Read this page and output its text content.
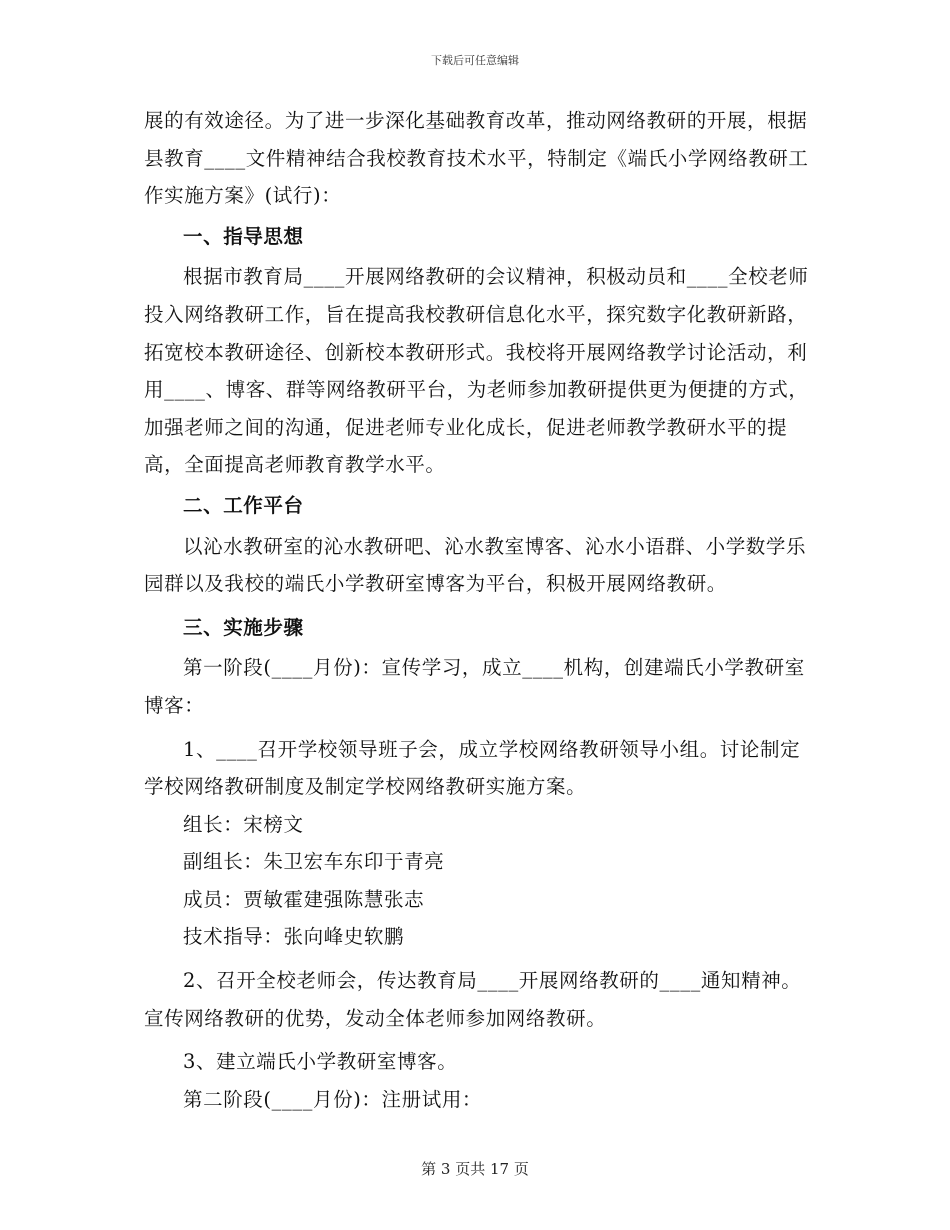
下载后可任意编辑

展的有效途径。为了进一步深化基础教育改革，推动网络教研的开展，根据县教育____文件精神结合我校教育技术水平，特制定《端氏小学网络教研工作实施方案》(试行)：

一、指导思想

根据市教育局____开展网络教研的会议精神，积极动员和____全校老师投入网络教研工作，旨在提高我校教研信息化水平，探究数字化教研新路，拓宽校本教研途径、创新校本教研形式。我校将开展网络教学讨论活动，利用____、博客、群等网络教研平台，为老师参加教研提供更为便捷的方式，加强老师之间的沟通，促进老师专业化成长，促进老师教学教研水平的提高，全面提高老师教育教学水平。

二、工作平台

以沁水教研室的沁水教研吧、沁水教室博客、沁水小语群、小学数学乐园群以及我校的端氏小学教研室博客为平台，积极开展网络教研。

三、实施步骤

第一阶段(____月份)：宣传学习，成立____机构，创建端氏小学教研室博客：

1、____召开学校领导班子会，成立学校网络教研领导小组。讨论制定学校网络教研制度及制定学校网络教研实施方案。

组长：宋榜文

副组长：朱卫宏车东印于青亮

成员：贾敏霍建强陈慧张志

技术指导：张向峰史软鹏

2、召开全校老师会，传达教育局____开展网络教研的____通知精神。宣传网络教研的优势，发动全体老师参加网络教研。

3、建立端氏小学教研室博客。

第二阶段(____月份)：注册试用：

第 3 页共 17 页
